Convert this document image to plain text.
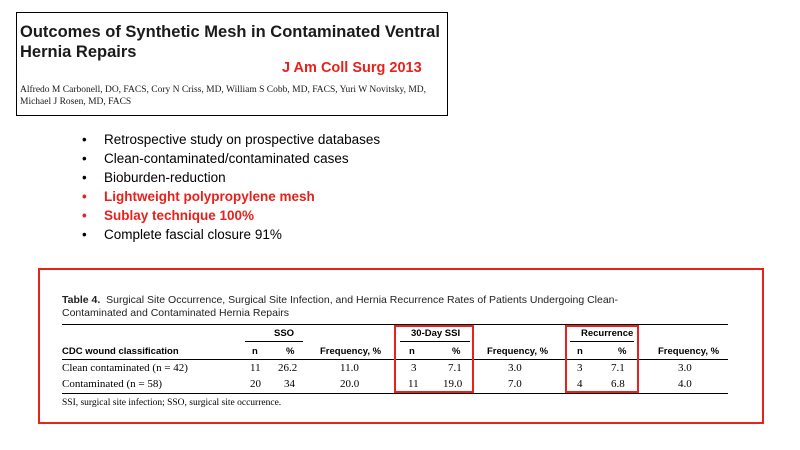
Outcomes of Synthetic Mesh in Contaminated Ventral
Hernia Repairs
J Am Coll Surg 2013
Alfredo M Carbonell, DO, FACS, Cory N Criss, MD, William S Cobb, MD, FACS, Yuri W Novitsky, MD,
Michael J Rosen, MD, FACS
• Retrospective study on prospective databases
• Clean-contaminated/contaminated cases
• Bioburden-reduction
• Lightweight polypropylene mesh
• Sublay technique 100%
• Complete fascial closure 91%
Table 4. Surgical Site Occurrence, Surgical Site Infection, and Hernia Recurrence Rates of Patients Undergoing Clean-
Contaminated and Contaminated Hernia Repairs
SSO	30-Day SSI	Recurrence
CDC wound classification	n	%	Frequency, %	n	%	Frequency, %	n	%	Frequency, %
Clean contaminated (n = 42)	11 26.2	11.0	3	7.1	3.0	3	7.1	3.0
Contaminated (n = 58)	20 34	20.0	11 19.0	7.0	4	6.8	4.0
SSI, surgical site infection; SSO, surgical site occurrence.
